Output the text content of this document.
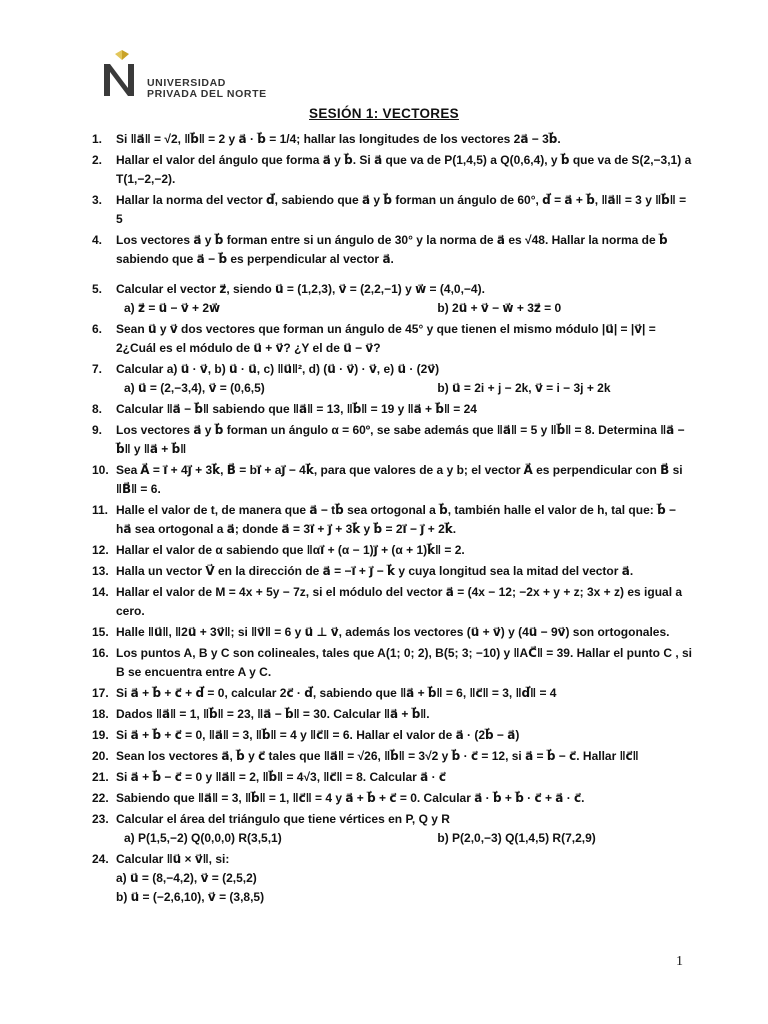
N	UNIVERSIDAD
PRIVADA DEL NORTE
SESIÓN 1: VECTORES
1. Si ‖a⃗‖ = √2, ‖b⃗‖ = 2 y a⃗ · b⃗ = 1/4; hallar las longitudes de los vectores 2a⃗ − 3b⃗.
2. Hallar el valor del ángulo que forma a⃗ y b⃗. Si a⃗ que va de P(1,4,5) a Q(0,6,4), y b⃗ que va de S(2,−3,1) a T(1,−2,−2).
3. Hallar la norma del vector d⃗, sabiendo que a⃗ y b⃗ forman un ángulo de 60°, d⃗ = a⃗ + b⃗, ‖a⃗‖ = 3 y ‖b⃗‖ = 5
4. Los vectores a⃗ y b⃗ forman entre si un ángulo de 30° y la norma de a⃗ es √48. Hallar la norma de b⃗ sabiendo que a⃗ − b⃗ es perpendicular al vector a⃗.
5. Calcular el vector z⃗, siendo u⃗ = (1,2,3), v⃗ = (2,2,−1) y w⃗ = (4,0,−4).
a) z⃗ = u⃗ − v⃗ + 2w⃗	b) 2u⃗ + v⃗ − w⃗ + 3z⃗ = 0
6. Sean u⃗ y v⃗ dos vectores que forman un ángulo de 45° y que tienen el mismo módulo |u⃗| = |v⃗| = 2¿Cuál es el módulo de u⃗ + v⃗? ¿Y el de u⃗ − v⃗?
7. Calcular a) u⃗ · v⃗, b) u⃗ · u⃗, c) ‖u⃗‖², d) (u⃗ · v⃗) · v⃗, e) u⃗ · (2v⃗)
a) u⃗ = (2,−3,4), v⃗ = (0,6,5)	b) u⃗ = 2i + j − 2k, v⃗ = i − 3j + 2k
8. Calcular ‖a⃗ − b⃗‖ sabiendo que ‖a⃗‖ = 13, ‖b⃗‖ = 19 y ‖a⃗ + b⃗‖ = 24
9. Los vectores a⃗ y b⃗ forman un ángulo α = 60º, se sabe además que ‖a⃗‖ = 5 y ‖b⃗‖ = 8. Determina ‖a⃗ − b⃗‖ y ‖a⃗ + b⃗‖
10. Sea A⃗ = i⃗ + 4j⃗ + 3k⃗, B⃗ = bi⃗ + aj⃗ − 4k⃗, para que valores de a y b; el vector A⃗ es perpendicular con B⃗ si ‖B⃗‖ = 6.
11. Halle el valor de t, de manera que a⃗ − tb⃗ sea ortogonal a b⃗, también halle el valor de h, tal que: b⃗ − ha⃗ sea ortogonal a a⃗; donde a⃗ = 3i⃗ + j⃗ + 3k⃗ y b⃗ = 2i⃗ − j⃗ + 2k⃗.
12. Hallar el valor de α sabiendo que ‖αi⃗ + (α − 1)j⃗ + (α + 1)k⃗‖ = 2.
13. Halla un vector V⃗ en la dirección de a⃗ = −i⃗ + j⃗ − k⃗ y cuya longitud sea la mitad del vector a⃗.
14. Hallar el valor de M = 4x + 5y − 7z, si el módulo del vector a⃗ = (4x − 12; −2x + y + z; 3x + z) es igual a cero.
15. Halle ‖u⃗‖, ‖2u⃗ + 3v⃗‖; si ‖v⃗‖ = 6 y u⃗ ⊥ v⃗, además los vectores (u⃗ + v⃗) y (4u⃗ − 9v⃗) son ortogonales.
16. Los puntos A, B y C son colineales, tales que A(1; 0; 2), B(5; 3; −10) y ‖AC⃗‖ = 39. Hallar el punto C , si B se encuentra entre A y C.
17. Si a⃗ + b⃗ + c⃗ + d⃗ = 0, calcular 2c⃗ · d⃗, sabiendo que ‖a⃗ + b⃗‖ = 6, ‖c⃗‖ = 3, ‖d⃗‖ = 4
18. Dados ‖a⃗‖ = 1, ‖b⃗‖ = 23, ‖a⃗ − b⃗‖ = 30. Calcular ‖a⃗ + b⃗‖.
19. Si a⃗ + b⃗ + c⃗ = 0, ‖a⃗‖ = 3, ‖b⃗‖ = 4 y ‖c⃗‖ = 6. Hallar el valor de a⃗ · (2b⃗ − a⃗)
20. Sean los vectores a⃗, b⃗ y c⃗ tales que ‖a⃗‖ = √26, ‖b⃗‖ = 3√2 y b⃗ · c⃗ = 12, si a⃗ = b⃗ − c⃗. Hallar ‖c⃗‖
21. Si a⃗ + b⃗ − c⃗ = 0 y ‖a⃗‖ = 2, ‖b⃗‖ = 4√3, ‖c⃗‖ = 8. Calcular a⃗ · c⃗
22. Sabiendo que ‖a⃗‖ = 3, ‖b⃗‖ = 1, ‖c⃗‖ = 4 y a⃗ + b⃗ + c⃗ = 0. Calcular a⃗ · b⃗ + b⃗ · c⃗ + a⃗ · c⃗.
23. Calcular el área del triángulo que tiene vértices en P, Q y R
a) P(1,5,−2) Q(0,0,0) R(3,5,1)	b) P(2,0,−3) Q(1,4,5) R(7,2,9)
24. Calcular ‖u⃗ × v⃗‖, si:
a) u⃗ = (8,−4,2), v⃗ = (2,5,2)
b) u⃗ = (−2,6,10), v⃗ = (3,8,5)
1
